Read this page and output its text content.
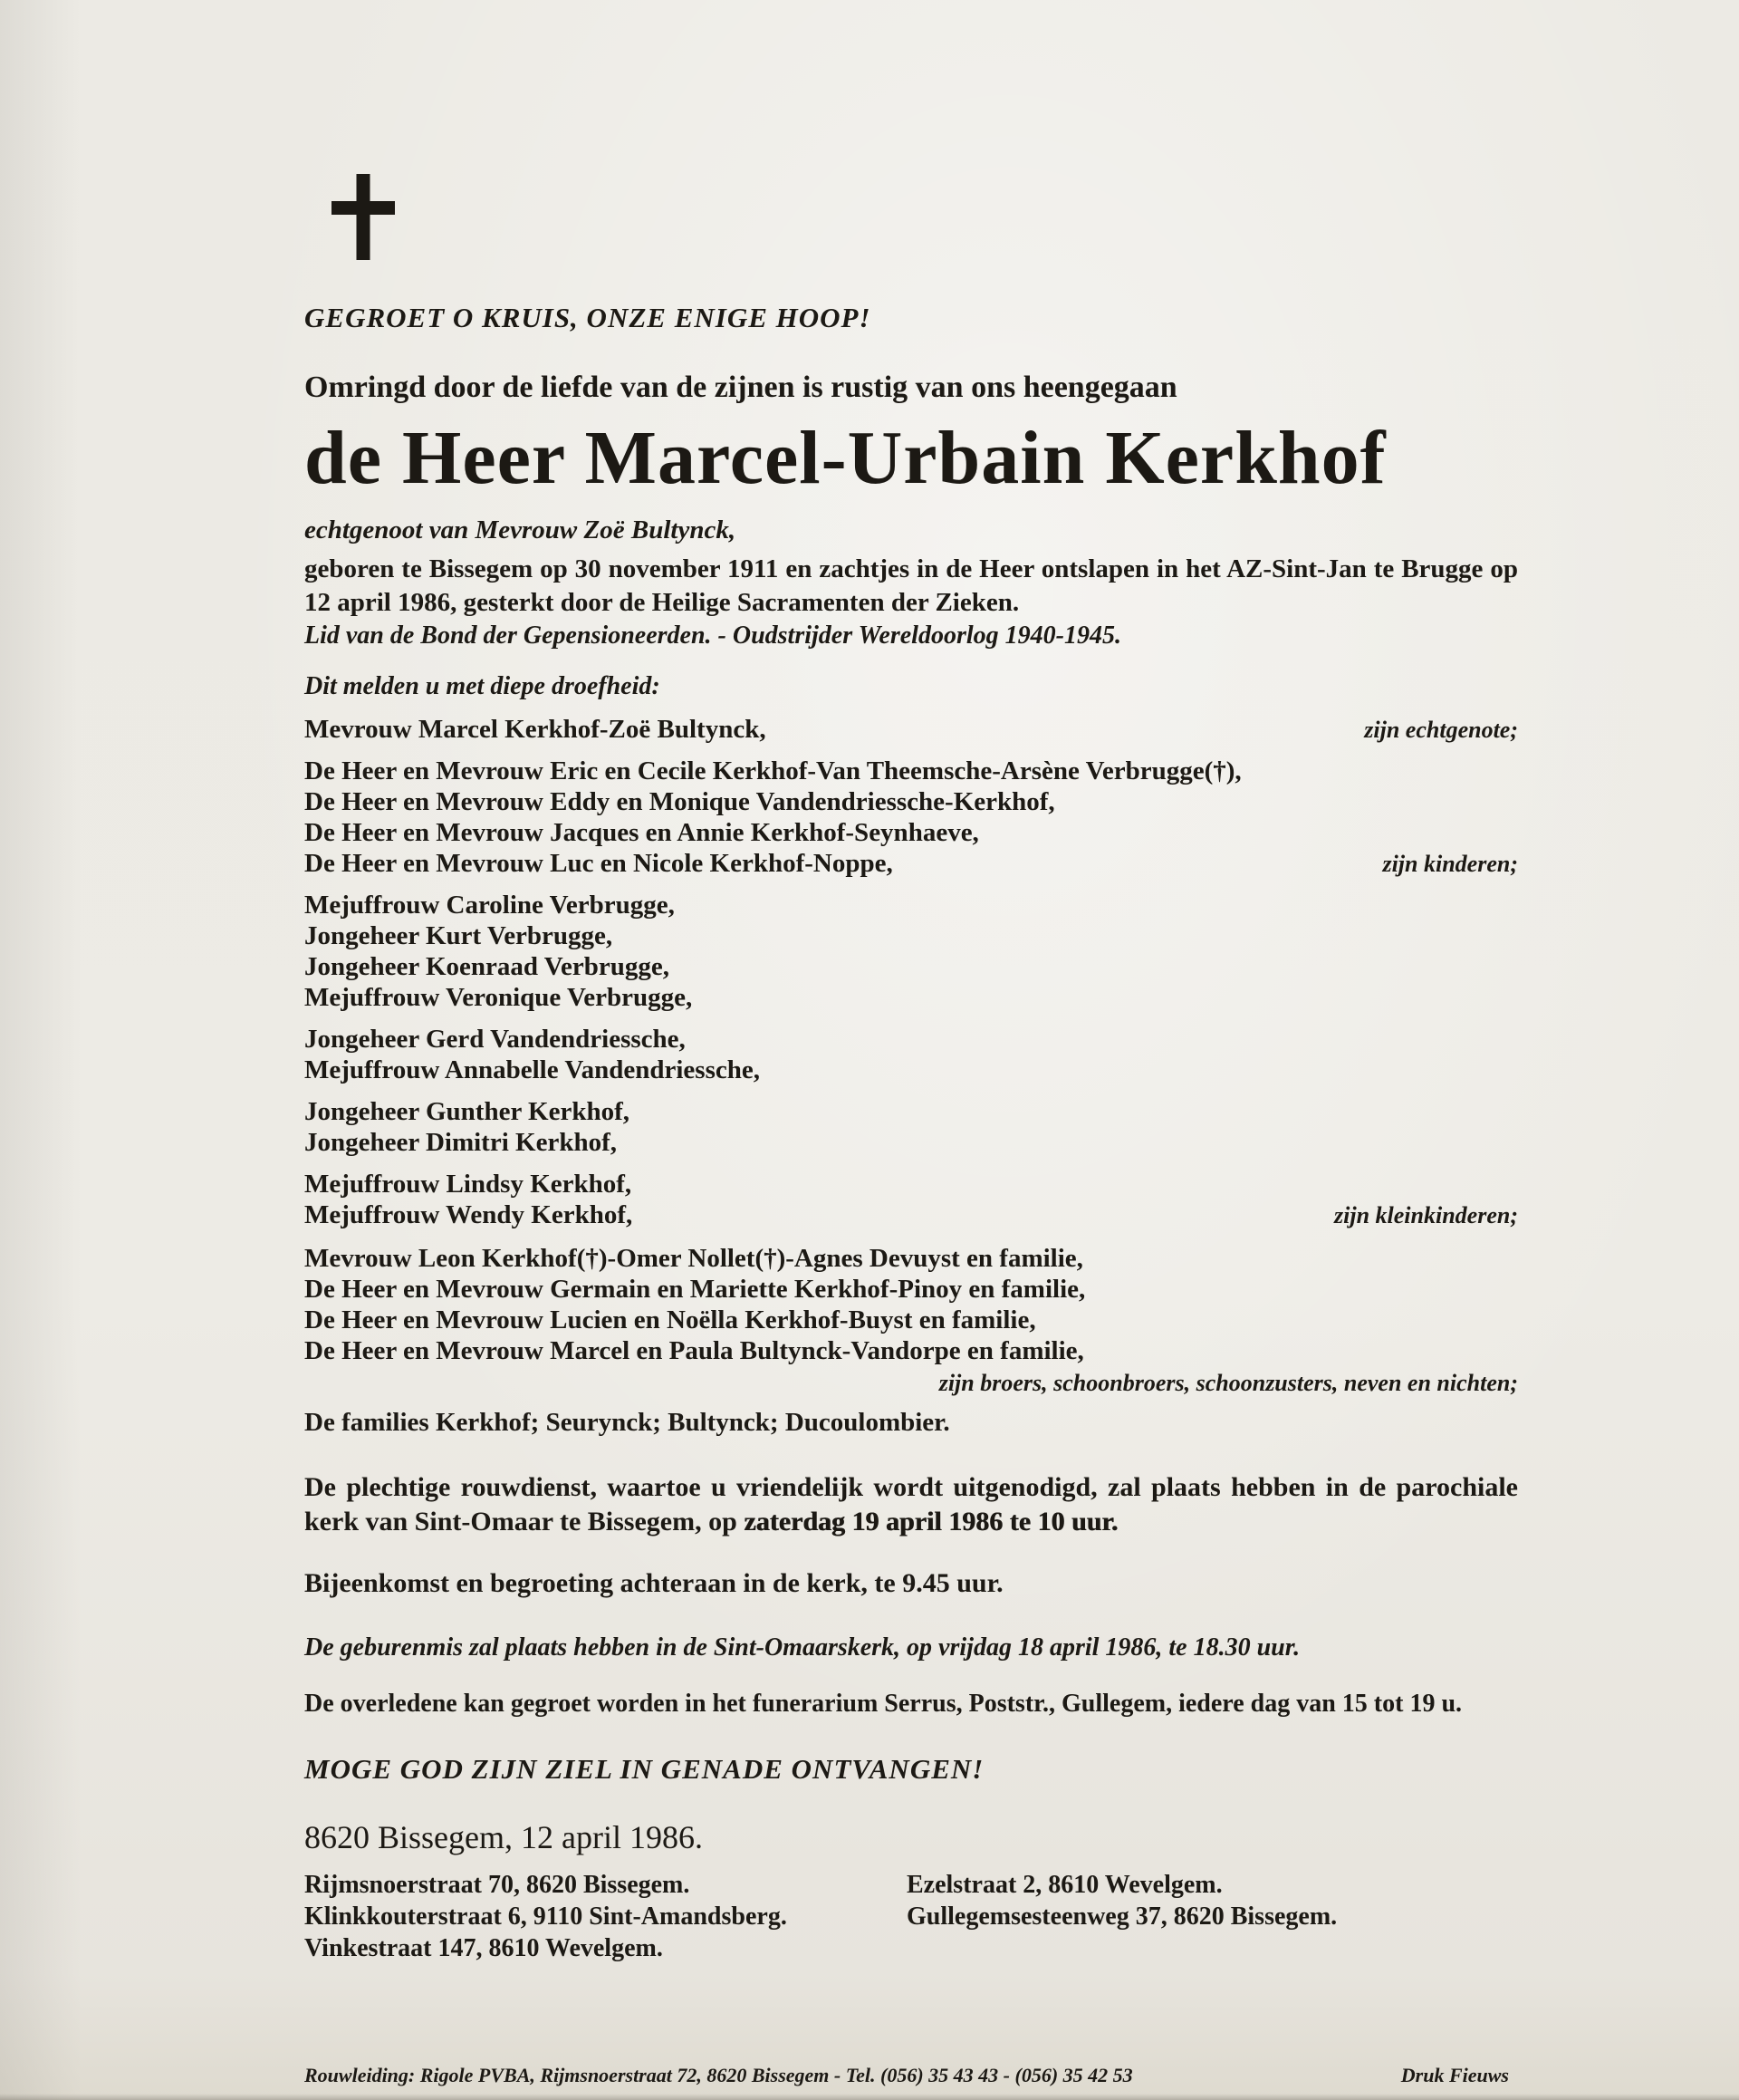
GEGROET O KRUIS, ONZE ENIGE HOOP!
Omringd door de liefde van de zijnen is rustig van ons heengegaan
de Heer Marcel-Urbain Kerkhof
echtgenoot van Mevrouw Zoë Bultynck,

geboren te Bissegem op 30 november 1911 en zachtjes in de Heer ontslapen in het AZ-Sint-Jan te Brugge op 12 april 1986, gesterkt door de Heilige Sacramenten der Zieken.

Lid van de Bond der Gepensioneerden. - Oudstrijder Wereldoorlog 1940-1945.
Dit melden u met diepe droefheid:
Mevrouw Marcel Kerkhof-Zoë Bultynck,	zijn echtgenote;
De Heer en Mevrouw Eric en Cecile Kerkhof-Van Theemsche-Arsène Verbrugge(†),
De Heer en Mevrouw Eddy en Monique Vandendriessche-Kerkhof,
De Heer en Mevrouw Jacques en Annie Kerkhof-Seynhaeve,
De Heer en Mevrouw Luc en Nicole Kerkhof-Noppe,	zijn kinderen;
Mejuffrouw Caroline Verbrugge,
Jongeheer Kurt Verbrugge,
Jongeheer Koenraad Verbrugge,
Mejuffrouw Veronique Verbrugge,
Jongeheer Gerd Vandendriessche,
Mejuffrouw Annabelle Vandendriessche,
Jongeheer Gunther Kerkhof,
Jongeheer Dimitri Kerkhof,
Mejuffrouw Lindsy Kerkhof,
Mejuffrouw Wendy Kerkhof,	zijn kleinkinderen;
Mevrouw Leon Kerkhof(†)-Omer Nollet(†)-Agnes Devuyst en familie,
De Heer en Mevrouw Germain en Mariette Kerkhof-Pinoy en familie,
De Heer en Mevrouw Lucien en Noëlla Kerkhof-Buyst en familie,
De Heer en Mevrouw Marcel en Paula Bultynck-Vandorpe en familie,
zijn broers, schoonbroers, schoonzusters, neven en nichten;
De families Kerkhof; Seurynck; Bultynck; Ducoulombier.

De plechtige rouwdienst, waartoe u vriendelijk wordt uitgenodigd, zal plaats hebben in de parochiale kerk van Sint-Omaar te Bissegem, op zaterdag 19 april 1986 te 10 uur.

Bijeenkomst en begroeting achteraan in de kerk, te 9.45 uur.
De geburenmis zal plaats hebben in de Sint-Omaarskerk, op vrijdag 18 april 1986, te 18.30 uur.
De overledene kan gegroet worden in het funerarium Serrus, Poststr., Gullegem, iedere dag van 15 tot 19 u.
MOGE GOD ZIJN ZIEL IN GENADE ONTVANGEN!
8620 Bissegem, 12 april 1986.
Rijmsnoerstraat 70, 8620 Bissegem.
Klinkkouterstraat 6, 9110 Sint-Amandsberg.
Vinkestraat 147, 8610 Wevelgem.
Ezelstraat 2, 8610 Wevelgem.
Gullegemsesteenweg 37, 8620 Bissegem.
Rouwleiding: Rigole PVBA, Rijmsnoerstraat 72, 8620 Bissegem - Tel. (056) 35 43 43 - (056) 35 42 53	Druk Fieuws
